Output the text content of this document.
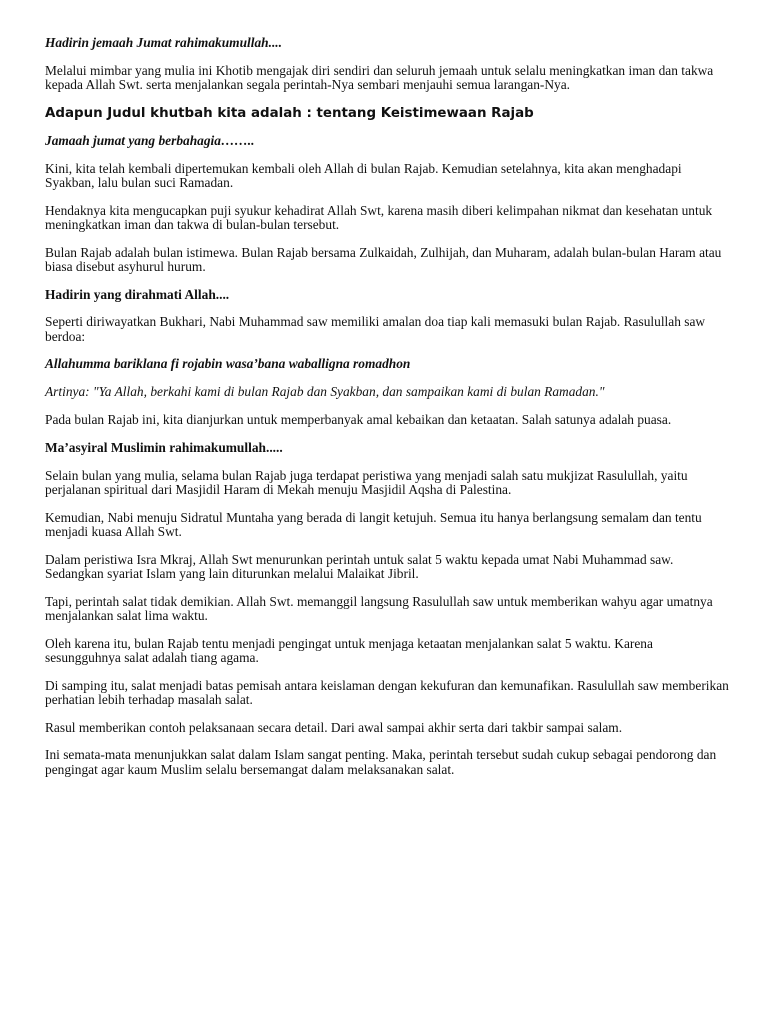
Hadirin jemaah Jumat rahimakumullah....

Melalui mimbar yang mulia ini Khotib mengajak diri sendiri dan seluruh jemaah untuk selalu meningkatkan iman dan takwa kepada Allah Swt. serta menjalankan segala perintah-Nya sembari menjauhi semua larangan-Nya.

Adapun Judul khutbah kita adalah : tentang Keistimewaan Rajab

Jamaah jumat yang berbahagia……..

Kini, kita telah kembali dipertemukan kembali oleh Allah di bulan Rajab. Kemudian setelahnya, kita akan menghadapi Syakban, lalu bulan suci Ramadan.

Hendaknya kita mengucapkan puji syukur kehadirat Allah Swt, karena masih diberi kelimpahan nikmat dan kesehatan untuk meningkatkan iman dan takwa di bulan-bulan tersebut.

Bulan Rajab adalah bulan istimewa. Bulan Rajab bersama Zulkaidah, Zulhijah, dan Muharam, adalah bulan-bulan Haram atau biasa disebut asyhurul hurum.

Hadirin yang dirahmati Allah....

Seperti diriwayatkan Bukhari, Nabi Muhammad saw memiliki amalan doa tiap kali memasuki bulan Rajab. Rasulullah saw berdoa:

Allahumma bariklana fi rojabin wasa’bana waballigna romadhon

Artinya: "Ya Allah, berkahi kami di bulan Rajab dan Syakban, dan sampaikan kami di bulan Ramadan."

Pada bulan Rajab ini, kita dianjurkan untuk memperbanyak amal kebaikan dan ketaatan. Salah satunya adalah puasa.

Ma’asyiral Muslimin rahimakumullah.....

Selain bulan yang mulia, selama bulan Rajab juga terdapat peristiwa yang menjadi salah satu mukjizat Rasulullah, yaitu perjalanan spiritual dari Masjidil Haram di Mekah menuju Masjidil Aqsha di Palestina.

Kemudian, Nabi menuju Sidratul Muntaha yang berada di langit ketujuh. Semua itu hanya berlangsung semalam dan tentu menjadi kuasa Allah Swt.

Dalam peristiwa Isra Mkraj, Allah Swt menurunkan perintah untuk salat 5 waktu kepada umat Nabi Muhammad saw. Sedangkan syariat Islam yang lain diturunkan melalui Malaikat Jibril.

Tapi, perintah salat tidak demikian. Allah Swt. memanggil langsung Rasulullah saw untuk memberikan wahyu agar umatnya menjalankan salat lima waktu.

Oleh karena itu, bulan Rajab tentu menjadi pengingat untuk menjaga ketaatan menjalankan salat 5 waktu. Karena sesungguhnya salat adalah tiang agama.

Di samping itu, salat menjadi batas pemisah antara keislaman dengan kekufuran dan kemunafikan. Rasulullah saw memberikan perhatian lebih terhadap masalah salat.

Rasul memberikan contoh pelaksanaan secara detail. Dari awal sampai akhir serta dari takbir sampai salam.

Ini semata-mata menunjukkan salat dalam Islam sangat penting. Maka, perintah tersebut sudah cukup sebagai pendorong dan pengingat agar kaum Muslim selalu bersemangat dalam melaksanakan salat.
